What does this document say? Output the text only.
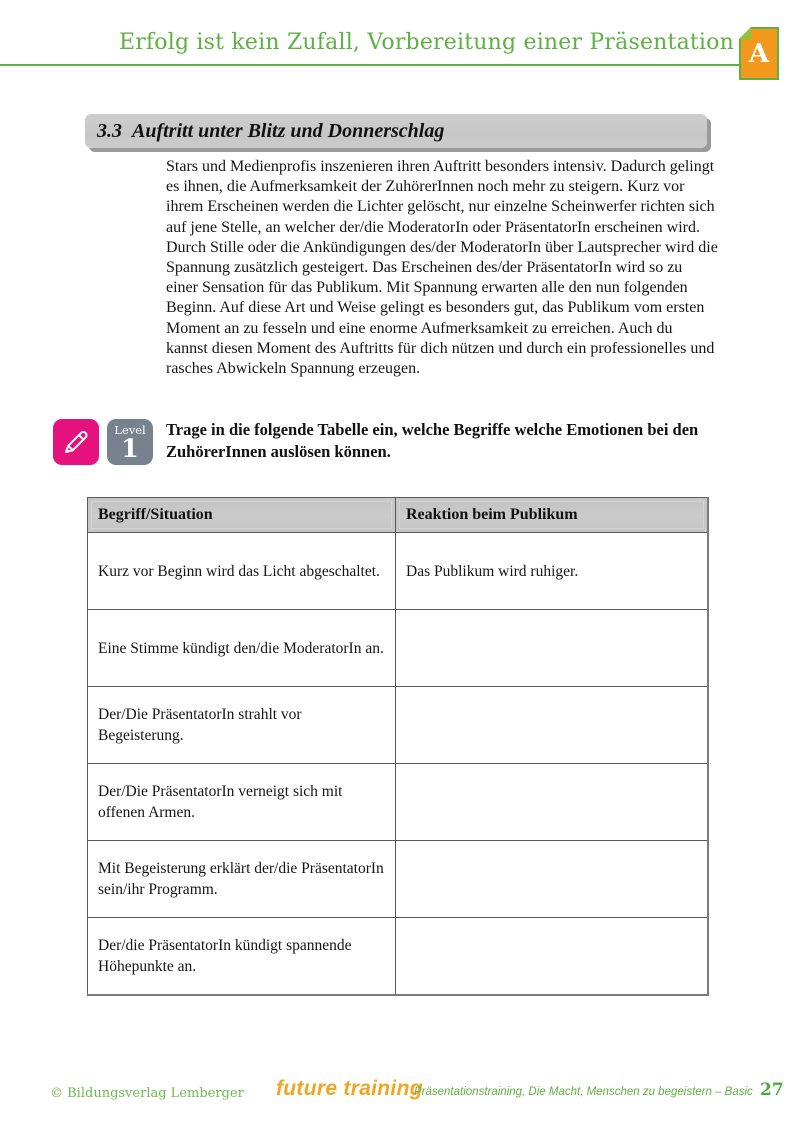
Erfolg ist kein Zufall, Vorbereitung einer Präsentation A
3.3 Auftritt unter Blitz und Donnerschlag
Stars und Medienprofis inszenieren ihren Auftritt besonders intensiv. Dadurch gelingt es ihnen, die Aufmerksamkeit der ZuhörerInnen noch mehr zu steigern. Kurz vor ihrem Erscheinen werden die Lichter gelöscht, nur einzelne Scheinwerfer richten sich auf jene Stelle, an welcher der/die ModeratorIn oder PräsentatorIn erscheinen wird. Durch Stille oder die Ankündigungen des/der ModeratorIn über Lautsprecher wird die Spannung zusätzlich gesteigert. Das Erscheinen des/der PräsentatorIn wird so zu einer Sensation für das Publikum. Mit Spannung erwarten alle den nun folgenden Beginn. Auf diese Art und Weise gelingt es besonders gut, das Publikum vom ersten Moment an zu fesseln und eine enorme Aufmerksamkeit zu erreichen. Auch du kannst diesen Moment des Auftritts für dich nützen und durch ein professionelles und rasches Abwickeln Spannung erzeugen.
Level
1
Trage in die folgende Tabelle ein, welche Begriffe welche Emotionen bei den ZuhörerInnen auslösen können.
Begriff/Situation	Reaktion beim Publikum
Kurz vor Beginn wird das Licht abgeschaltet.	Das Publikum wird ruhiger.
Eine Stimme kündigt den/die ModeratorIn an.	
Der/Die PräsentatorIn strahlt vor Begeisterung.	
Der/Die PräsentatorIn verneigt sich mit offenen Armen.	
Mit Begeisterung erklärt der/die PräsentatorIn sein/ihr Programm.	
Der/die PräsentatorIn kündigt spannende Höhepunkte an.	
© Bildungsverlag Lemberger future training
Präsentationstraining, Die Macht, Menschen zu begeistern – Basic 27
